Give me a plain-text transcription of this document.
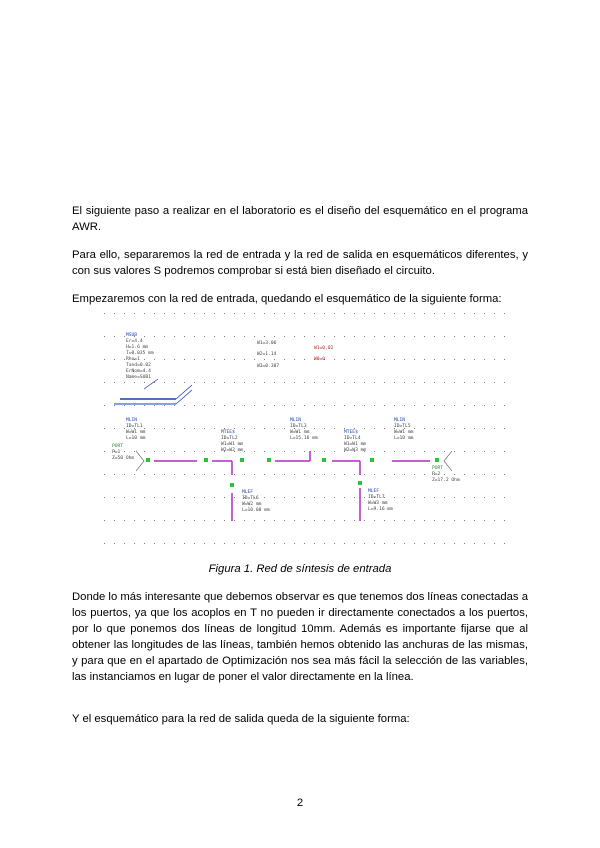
El siguiente paso a realizar en el laboratorio es el diseño del esquemático en el programa AWR.

Para ello, separaremos la red de entrada y la red de salida en esquemáticos diferentes, y con sus valores S podremos comprobar si está bien diseñado el circuito.

Empezaremos con la red de entrada, quedando el esquemático de la siguiente forma:

MSUB
Er=4.4
H=1.6 mm
T=0.035 mm
Rho=1
Tand=0.02
ErNom=4.4
Name=SUB1
W1=3.06
W2=1.14
W3=0.387
W1=0.02
W0=0
MLIN
ID=TL1
W=W1 mm
L=10 mm
MTEE$
ID=TL2
W1=W1 mm
W2=W2 mm
MLIN
ID=TL3
W=W1 mm
L=15.16 mm
MTEE$
ID=TL4
W1=W1 mm
W2=W3 mm
MLIN
ID=TL5
W=W1 mm
L=10 mm
PORT
P=1
Z=50 Ohm
PORT
P=2
Z=17.2 Ohm
MLEF
ID=TL6
W=W2 mm
L=10.08 mm
MLEF
ID=TL7
W=W3 mm
L=9.16 mm

Figura 1. Red de síntesis de entrada

Donde lo más interesante que debemos observar es que tenemos dos líneas conectadas a los puertos, ya que los acoplos en T no pueden ir directamente conectados a los puertos, por lo que ponemos dos líneas de longitud 10mm. Además es importante fijarse que al obtener las longitudes de las líneas, también hemos obtenido las anchuras de las mismas, y para que en el apartado de Optimización nos sea más fácil la selección de las variables, las instanciamos en lugar de poner el valor directamente en la línea.

Y el esquemático para la red de salida queda de la siguiente forma:

2
